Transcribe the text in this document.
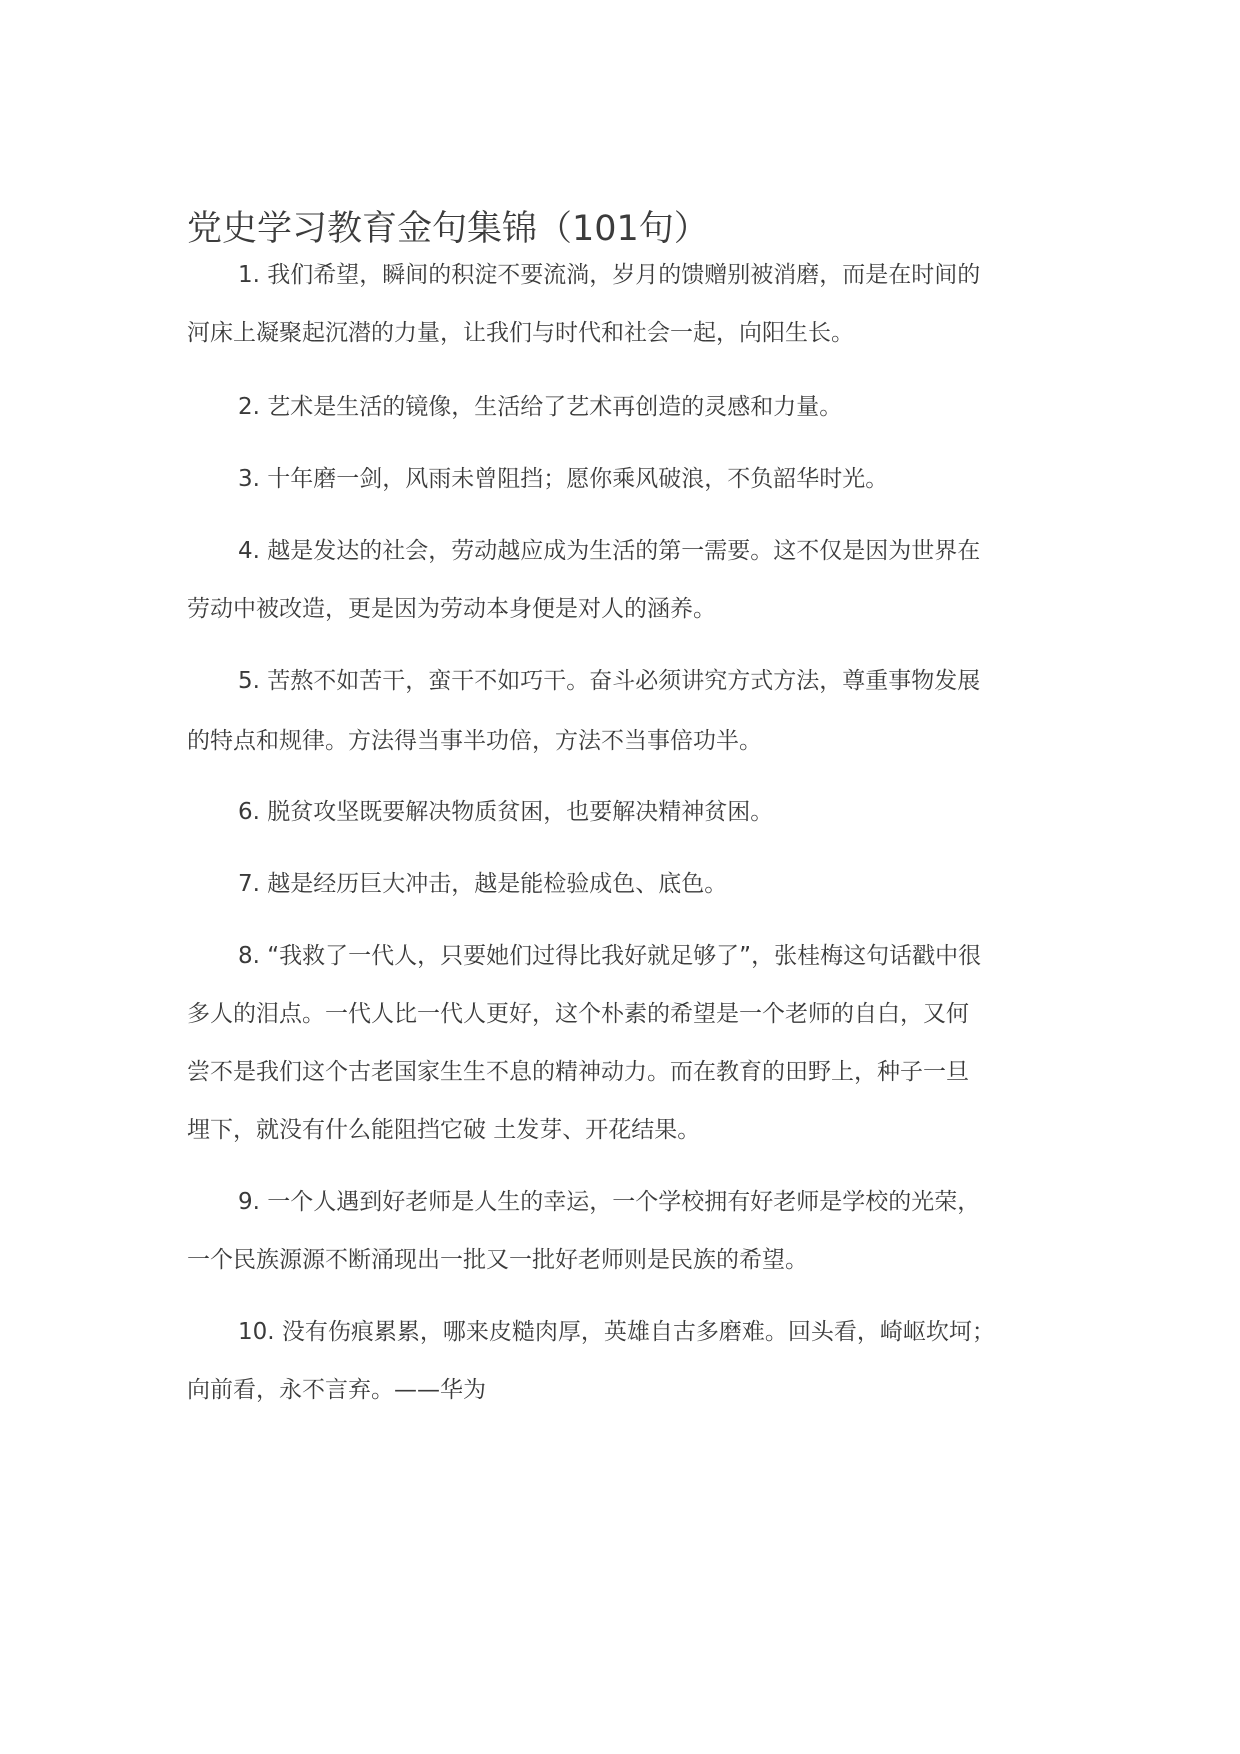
党史学习教育金句集锦（101句）
1. 我们希望，瞬间的积淀不要流淌，岁月的馈赠别被消磨，而是在时间的
河床上凝聚起沉潜的力量，让我们与时代和社会一起，向阳生长。
2. 艺术是生活的镜像，生活给了艺术再创造的灵感和力量。
3. 十年磨一剑，风雨未曾阻挡；愿你乘风破浪，不负韶华时光。
4. 越是发达的社会，劳动越应成为生活的第一需要。这不仅是因为世界在
劳动中被改造，更是因为劳动本身便是对人的涵养。
5. 苦熬不如苦干，蛮干不如巧干。奋斗必须讲究方式方法，尊重事物发展
的特点和规律。方法得当事半功倍，方法不当事倍功半。
6. 脱贫攻坚既要解决物质贫困，也要解决精神贫困。
7. 越是经历巨大冲击，越是能检验成色、底色。
8. “我救了一代人，只要她们过得比我好就足够了”，张桂梅这句话戳中很
多人的泪点。一代人比一代人更好，这个朴素的希望是一个老师的自白，又何
尝不是我们这个古老国家生生不息的精神动力。而在教育的田野上，种子一旦
埋下，就没有什么能阻挡它破 土发芽、开花结果。
9. 一个人遇到好老师是人生的幸运，一个学校拥有好老师是学校的光荣，
一个民族源源不断涌现出一批又一批好老师则是民族的希望。
10. 没有伤痕累累，哪来皮糙肉厚，英雄自古多磨难。回头看，崎岖坎坷；
向前看，永不言弃。——华为
